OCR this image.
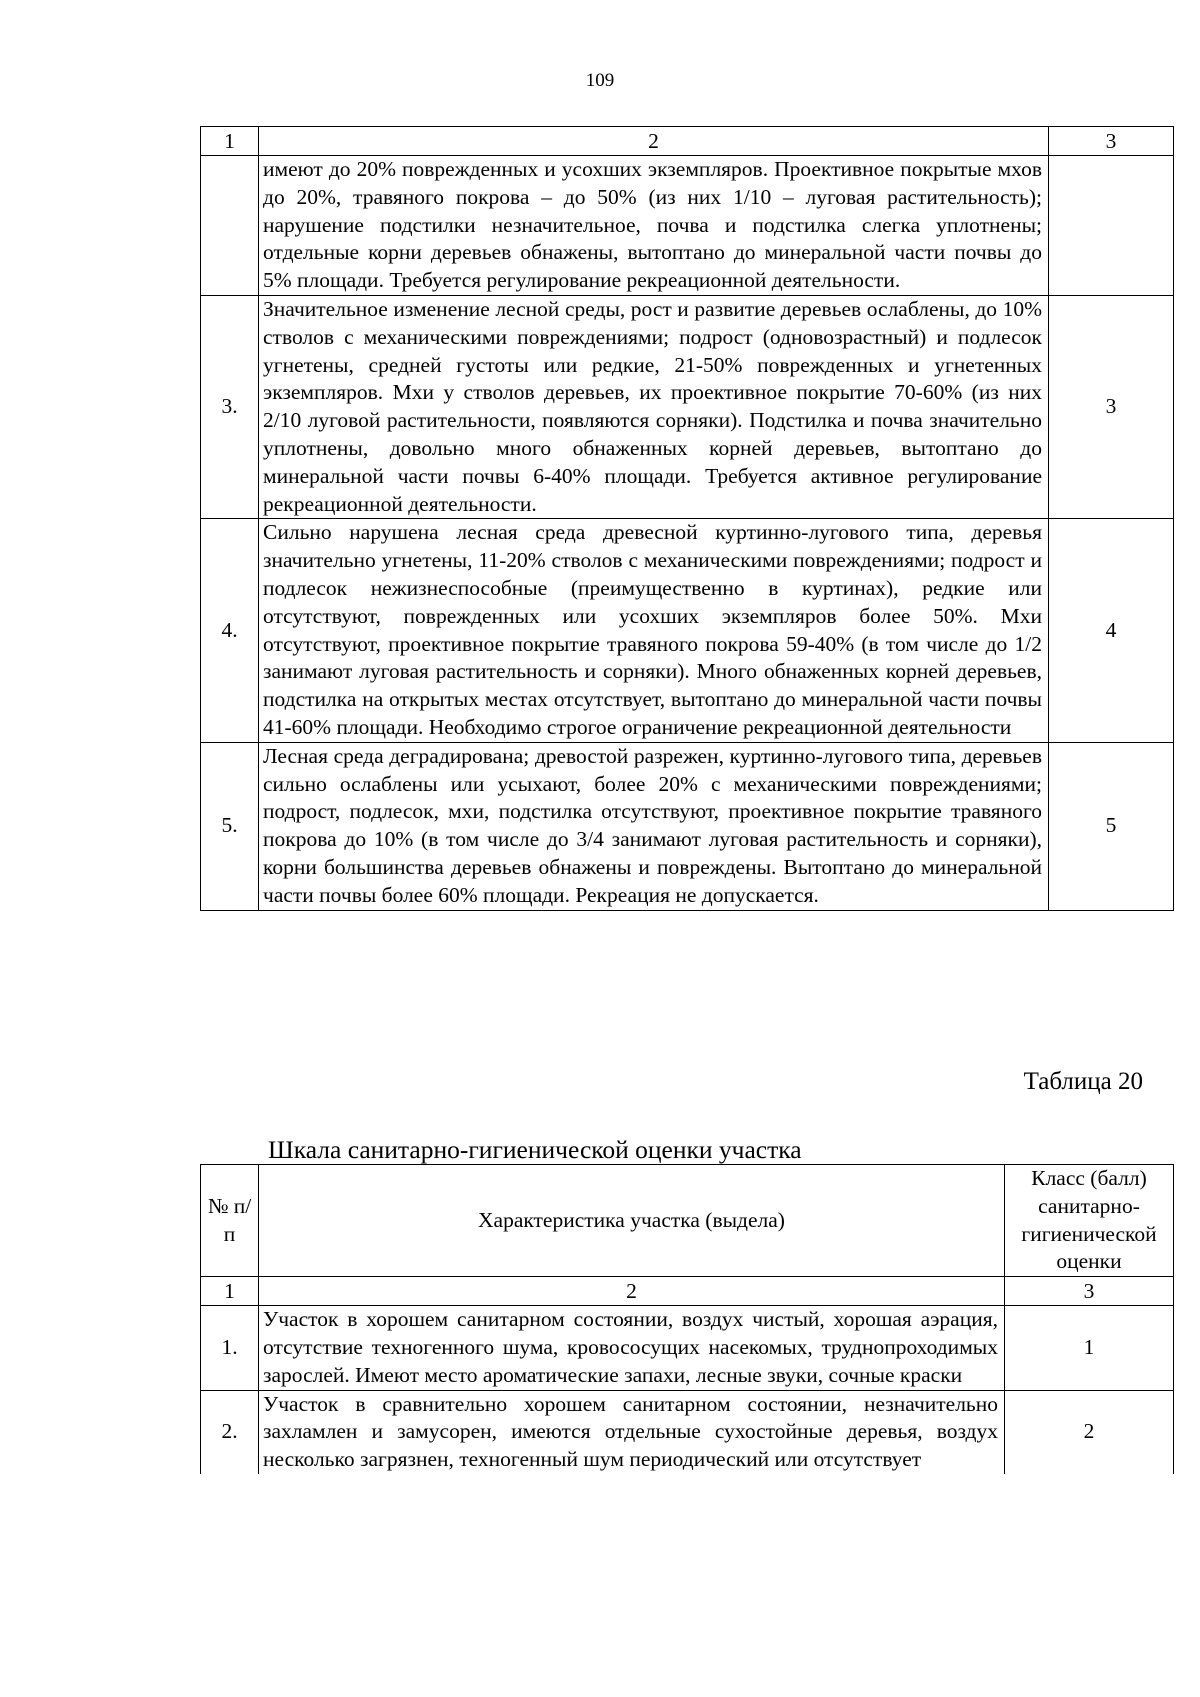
109
1	2	3
	имеют до 20% поврежденных и усохших экземпляров. Проективное покрытые мхов до 20%, травяного покрова – до 50% (из них 1/10 – луговая растительность); нарушение подстилки незначительное, почва и подстилка слегка уплотнены; отдельные корни деревьев обнажены, вытоптано до минеральной части почвы до 5% площади. Требуется регулирование рекреационной деятельности.	
3.	Значительное изменение лесной среды, рост и развитие деревьев ослаблены, до 10% стволов с механическими повреждениями; подрост (одновозрастный) и подлесок угнетены, средней густоты или редкие, 21-50% поврежденных и угнетенных экземпляров. Мхи у стволов деревьев, их проективное покрытие 70-60% (из них 2/10 луговой растительности, появляются сорняки). Подстилка и почва значительно уплотнены, довольно много обнаженных корней деревьев, вытоптано до минеральной части почвы 6-40% площади. Требуется активное регулирование рекреационной деятельности.	3
4.	Сильно нарушена лесная среда древесной куртинно-лугового типа, деревья значительно угнетены, 11-20% стволов с механическими повреждениями; подрост и подлесок нежизнеспособные (преимущественно в куртинах), редкие или отсутствуют, поврежденных или усохших экземпляров более 50%. Мхи отсутствуют, проективное покрытие травяного покрова 59-40% (в том числе до 1/2 занимают луговая растительность и сорняки). Много обнаженных корней деревьев, подстилка на открытых местах отсутствует, вытоптано до минеральной части почвы 41-60% площади. Необходимо строгое ограничение рекреационной деятельности	4
5.	Лесная среда деградирована; древостой разрежен, куртинно-лугового типа, деревьев сильно ослаблены или усыхают, более 20% с механическими повреждениями; подрост, подлесок, мхи, подстилка отсутствуют, проективное покрытие травяного покрова до 10% (в том числе до 3/4 занимают луговая растительность и сорняки), корни большинства деревьев обнажены и повреждены. Вытоптано до минеральной части почвы более 60% площади. Рекреация не допускается.	5
Таблица 20
Шкала санитарно-гигиенической оценки участка
№ п/п	Характеристика участка (выдела)	Класс (балл) санитарно-гигиенической оценки
1	2	3
1.	Участок в хорошем санитарном состоянии, воздух чистый, хорошая аэрация, отсутствие техногенного шума, кровососущих насекомых, труднопроходимых зарослей. Имеют место ароматические запахи, лесные звуки, сочные краски	1
2.	Участок в сравнительно хорошем санитарном состоянии, незначительно захламлен и замусорен, имеются отдельные сухостойные деревья, воздух несколько загрязнен, техногенный шум периодический или отсутствует	2
